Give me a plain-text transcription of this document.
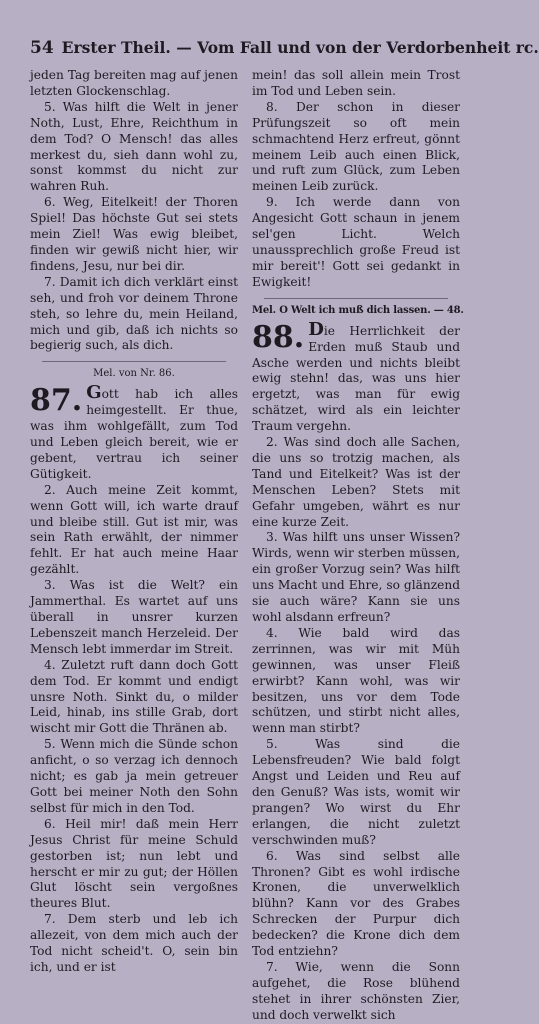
54 Erster Theil. — Vom Fall und von der Verdorbenheit rc.

jeden Tag bereiten mag auf jenen letzten Glockenschlag.

5. Was hilft die Welt in jener Noth, Lust, Ehre, Reichthum in dem Tod? O Mensch! das alles merkest du, sieh dann wohl zu, sonst kommst du nicht zur wahren Ruh.

6. Weg, Eitelkeit! der Thoren Spiel! Das höchste Gut sei stets mein Ziel! Was ewig bleibet, finden wir gewiß nicht hier, wir findens, Jesu, nur bei dir.

7. Damit ich dich verklärt einst seh, und froh vor deinem Throne steh, so lehre du, mein Heiland, mich und gib, daß ich nichts so begierig such, als dich.

Mel. von Nr. 86.

87. Gott hab ich alles heimgestellt. Er thue, was ihm wohlgefällt, zum Tod und Leben gleich bereit, wie er gebent, vertrau ich seiner Gütigkeit.

2. Auch meine Zeit kommt, wenn Gott will, ich warte drauf und bleibe still. Gut ist mir, was sein Rath erwählt, der nimmer fehlt. Er hat auch meine Haar gezählt.

3. Was ist die Welt? ein Jammerthal. Es wartet auf uns überall in unsrer kurzen Lebenszeit manch Herzeleid. Der Mensch lebt immerdar im Streit.

4. Zuletzt ruft dann doch Gott dem Tod. Er kommt und endigt unsre Noth. Sinkt du, o milder Leid, hinab, ins stille Grab, dort wischt mir Gott die Thränen ab.

5. Wenn mich die Sünde schon anficht, o so verzag ich dennoch nicht; es gab ja mein getreuer Gott bei meiner Noth den Sohn selbst für mich in den Tod.

6. Heil mir! daß mein Herr Jesus Christ für meine Schuld gestorben ist; nun lebt und herscht er mir zu gut; der Höllen Glut löscht sein vergoßnes theures Blut.

7. Dem sterb und leb ich allezeit, von dem mich auch der Tod nicht scheid't. O, sein bin ich, und er ist

mein! das soll allein mein Trost im Tod und Leben sein.

8. Der schon in dieser Prüfungszeit so oft mein schmachtend Herz erfreut, gönnt meinem Leib auch einen Blick, und ruft zum Glück, zum Leben meinen Leib zurück.

9. Ich werde dann von Angesicht Gott schaun in jenem sel'gen Licht. Welch unaussprechlich große Freud ist mir bereit'! Gott sei gedankt in Ewigkeit!

Mel. O Welt ich muß dich lassen. — 48.

88. Die Herrlichkeit der Erden muß Staub und Asche werden und nichts bleibt ewig stehn! das, was uns hier ergetzt, was man für ewig schätzet, wird als ein leichter Traum vergehn.

2. Was sind doch alle Sachen, die uns so trotzig machen, als Tand und Eitelkeit? Was ist der Menschen Leben? Stets mit Gefahr umgeben, währt es nur eine kurze Zeit.

3. Was hilft uns unser Wissen? Wirds, wenn wir sterben müssen, ein großer Vorzug sein? Was hilft uns Macht und Ehre, so glänzend sie auch wäre? Kann sie uns wohl alsdann erfreun?

4. Wie bald wird das zerrinnen, was wir mit Müh gewinnen, was unser Fleiß erwirbt? Kann wohl, was wir besitzen, uns vor dem Tode schützen, und stirbt nicht alles, wenn man stirbt?

5. Was sind die Lebensfreuden? Wie bald folgt Angst und Leiden und Reu auf den Genuß? Was ists, womit wir prangen? Wo wirst du Ehr erlangen, die nicht zuletzt verschwinden muß?

6. Was sind selbst alle Thronen? Gibt es wohl irdische Kronen, die unverwelklich blühn? Kann vor des Grabes Schrecken der Purpur dich bedecken? die Krone dich dem Tod entziehn?

7. Wie, wenn die Sonn aufgehet, die Rose blühend stehet in ihrer schönsten Zier, und doch verwelkt sich
